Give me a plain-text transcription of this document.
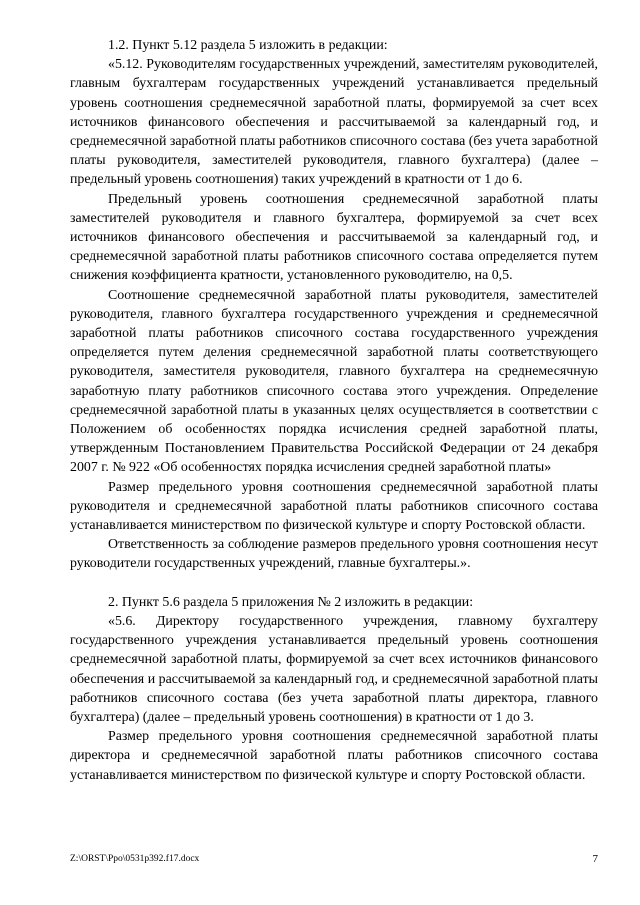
1.2. Пункт 5.12 раздела 5 изложить в редакции:

«5.12. Руководителям государственных учреждений, заместителям руководителей, главным бухгалтерам государственных учреждений устанавливается предельный уровень соотношения среднемесячной заработной платы, формируемой за счет всех источников финансового обеспечения и рассчитываемой за календарный год, и среднемесячной заработной платы работников списочного состава (без учета заработной платы руководителя, заместителей руководителя, главного бухгалтера) (далее – предельный уровень соотношения) таких учреждений в кратности от 1 до 6.

Предельный уровень соотношения среднемесячной заработной платы заместителей руководителя и главного бухгалтера, формируемой за счет всех источников финансового обеспечения и рассчитываемой за календарный год, и среднемесячной заработной платы работников списочного состава определяется путем снижения коэффициента кратности, установленного руководителю, на 0,5.

Соотношение среднемесячной заработной платы руководителя, заместителей руководителя, главного бухгалтера государственного учреждения и среднемесячной заработной платы работников списочного состава государственного учреждения определяется путем деления среднемесячной заработной платы соответствующего руководителя, заместителя руководителя, главного бухгалтера на среднемесячную заработную плату работников списочного состава этого учреждения. Определение среднемесячной заработной платы в указанных целях осуществляется в соответствии с Положением об особенностях порядка исчисления средней заработной платы, утвержденным Постановлением Правительства Российской Федерации от 24 декабря 2007 г. № 922 «Об особенностях порядка исчисления средней заработной платы»

Размер предельного уровня соотношения среднемесячной заработной платы руководителя и среднемесячной заработной платы работников списочного состава устанавливается министерством по физической культуре и спорту Ростовской области.

Ответственность за соблюдение размеров предельного уровня соотношения несут руководители государственных учреждений, главные бухгалтеры.».

2. Пункт 5.6 раздела 5 приложения № 2 изложить в редакции:

«5.6. Директору государственного учреждения, главному бухгалтеру государственного учреждения устанавливается предельный уровень соотношения среднемесячной заработной платы, формируемой за счет всех источников финансового обеспечения и рассчитываемой за календарный год, и среднемесячной заработной платы работников списочного состава (без учета заработной платы директора, главного бухгалтера) (далее – предельный уровень соотношения) в кратности от 1 до 3.

Размер предельного уровня соотношения среднемесячной заработной платы директора и среднемесячной заработной платы работников списочного состава устанавливается министерством по физической культуре и спорту Ростовской области.

Z:\ORST\Ppo\0531p392.f17.docx	7
